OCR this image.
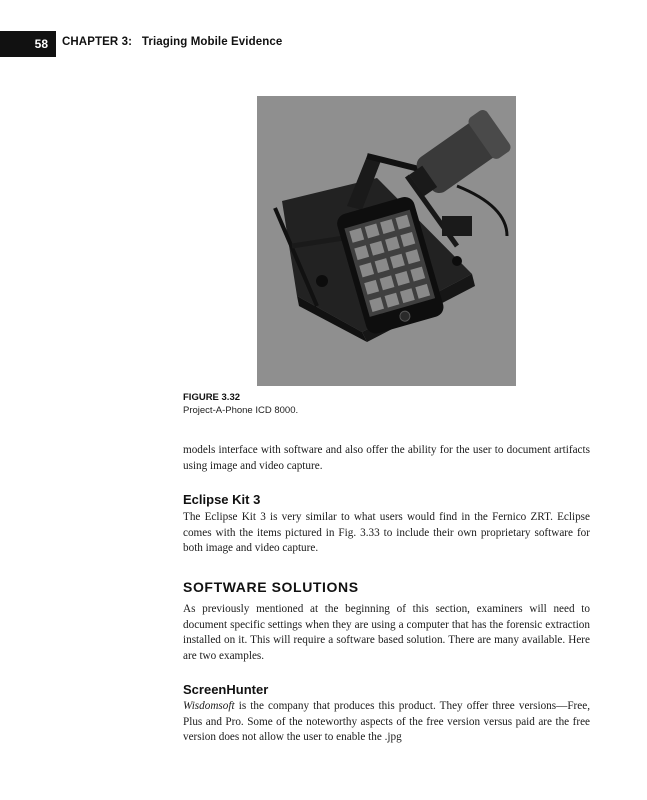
58 CHAPTER 3:   Triaging Mobile Evidence
FIGURE 3.32
Project-A-Phone ICD 8000.

models interface with software and also offer the ability for the user to document artifacts using image and video capture.

Eclipse Kit 3

The Eclipse Kit 3 is very similar to what users would find in the Fernico ZRT. Eclipse comes with the items pictured in Fig. 3.33 to include their own proprietary software for both image and video capture.

SOFTWARE SOLUTIONS

As previously mentioned at the beginning of this section, examiners will need to document specific settings when they are using a computer that has the forensic extraction installed on it. This will require a software based solution. There are many available. Here are two examples.

ScreenHunter

Wisdomsoft is the company that produces this product. They offer three versions—Free, Plus and Pro. Some of the noteworthy aspects of the free version versus paid are the free version does not allow the user to enable the .jpg
